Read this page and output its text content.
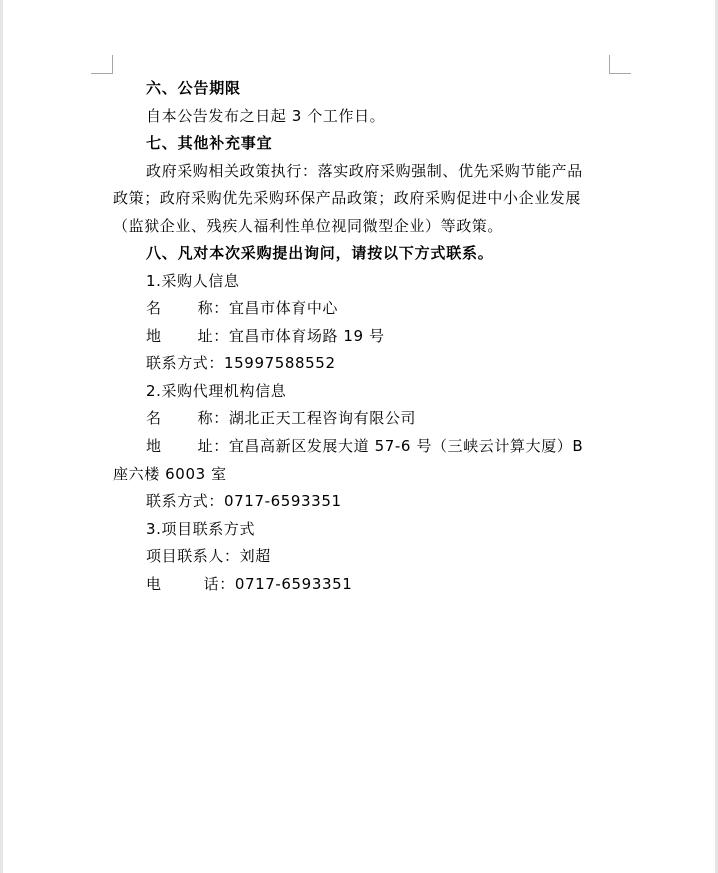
六、公告期限
自本公告发布之日起 3 个工作日。
七、其他补充事宜
政府采购相关政策执行：落实政府采购强制、优先采购节能产品
政策；政府采购优先采购环保产品政策；政府采购促进中小企业发展
（监狱企业、残疾人福利性单位视同微型企业）等政策。
八、凡对本次采购提出询问，请按以下方式联系。
1.采购人信息
名 称：宜昌市体育中心
地 址：宜昌市体育场路 19 号
联系方式：15997588552
2.采购代理机构信息
名 称：湖北正天工程咨询有限公司
地 址：宜昌高新区发展大道 57-6 号（三峡云计算大厦）B
座六楼 6003 室
联系方式：0717-6593351
3.项目联系方式
项目联系人：刘超
电	话：0717-6593351
